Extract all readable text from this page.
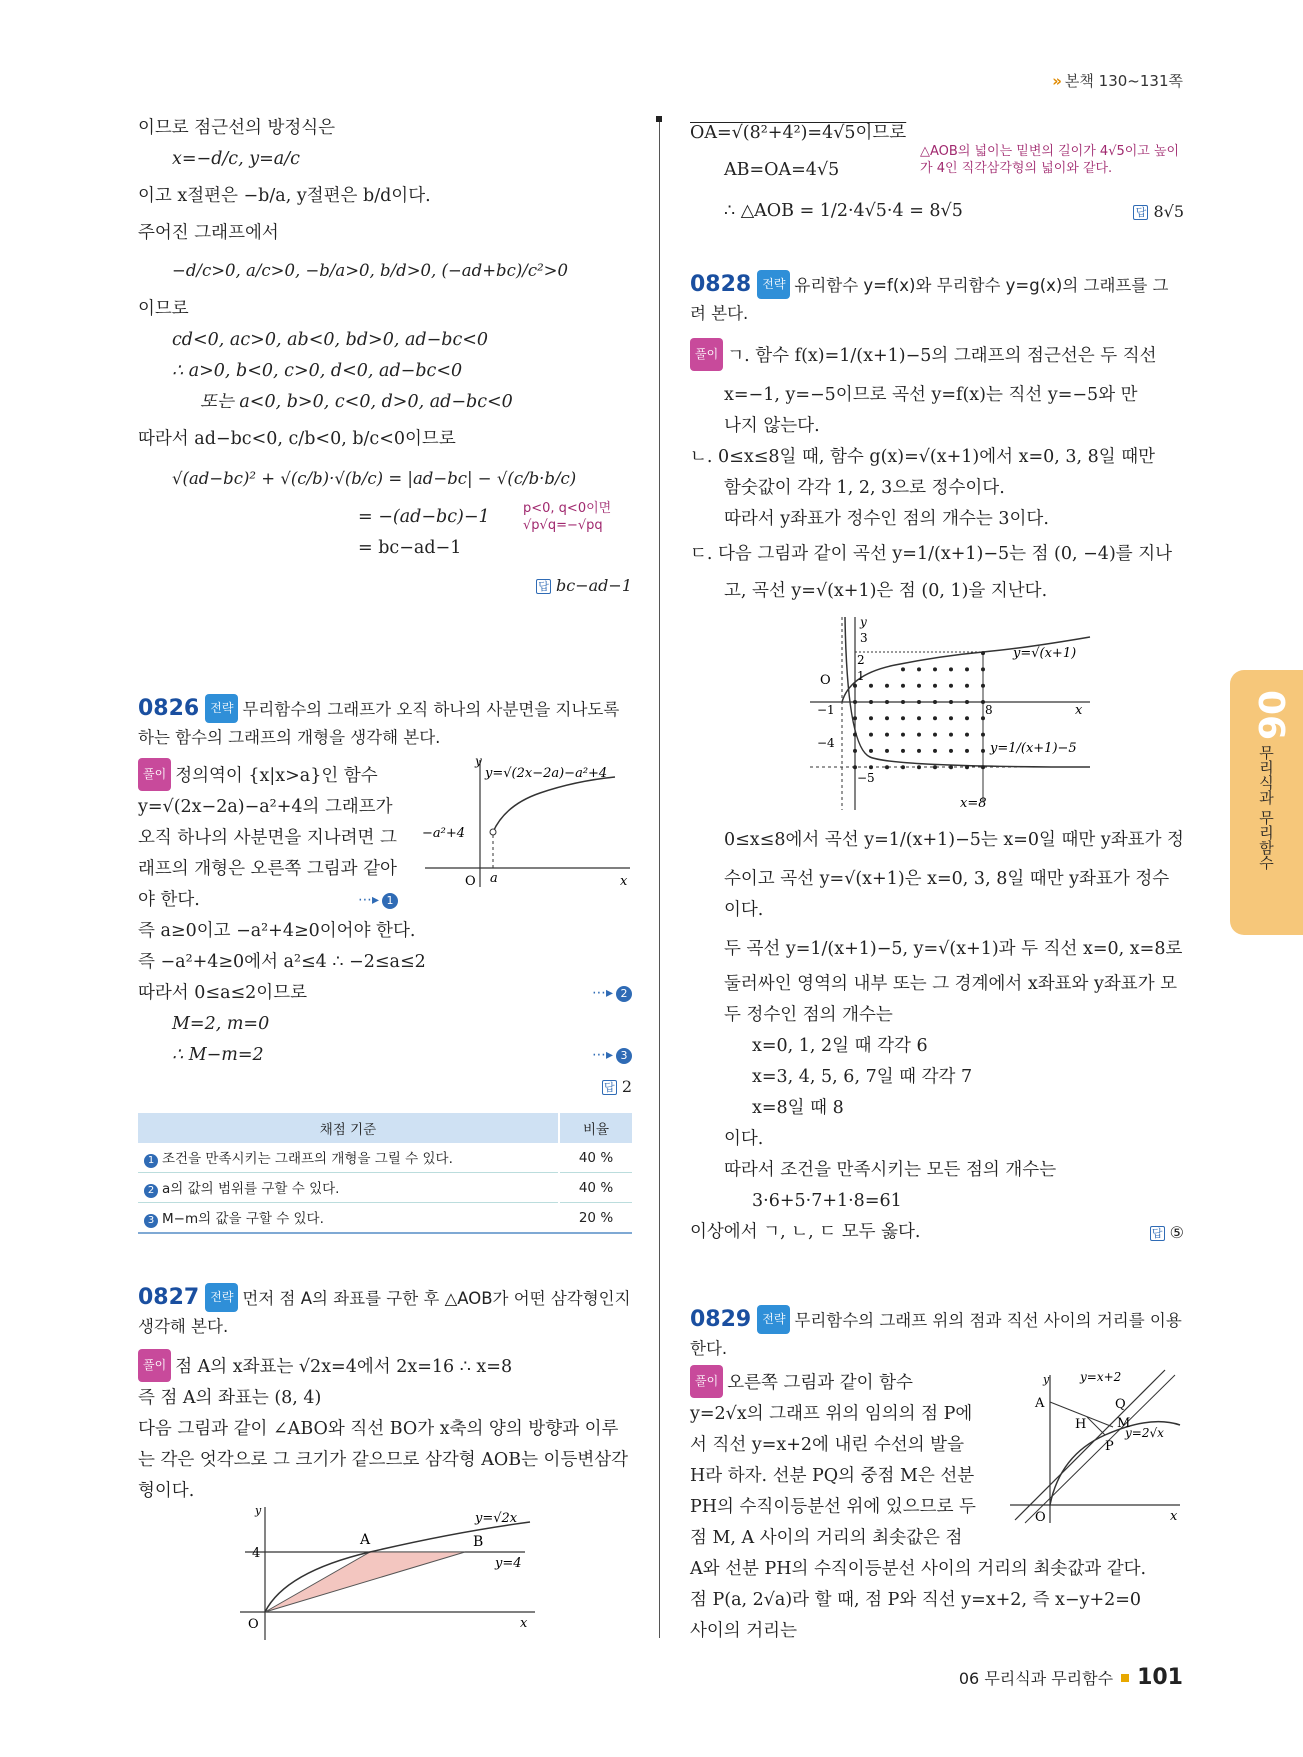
» 본책 130~131쪽
이므로 점근선의 방정식은
x=−d/c, y=a/c
이고 x절편은 −b/a, y절편은 b/d이다.
주어진 그래프에서
−d/c>0, a/c>0, −b/a>0, b/d>0, (−ad+bc)/c²>0
이므로
cd<0, ac>0, ab<0, bd>0, ad−bc<0
∴ a>0, b<0, c>0, d<0, ad−bc<0
또는 a<0, b>0, c<0, d>0, ad−bc<0
따라서 ad−bc<0, c/b<0, b/c<0이므로
√(ad−bc)² + √(c/b)·√(b/c) = |ad−bc| − √(c/b·b/c)
= −(ad−bc)−1	p<0, q<0이면 √p√q=−√pq
= bc−ad−1
답 bc−ad−1
0826 전략 무리함수의 그래프가 오직 하나의 사분면을 지나도록 하는 함수의 그래프의 개형을 생각해 본다.
풀이 정의역이 {x|x>a}인 함수
y=√(2x−2a)−a²+4의 그래프가
오직 하나의 사분면을 지나려면 그
래프의 개형은 오른쪽 그림과 같아
야 한다.	⋯▸ 1
즉 a≥0이고 −a²+4≥0이어야 한다.
즉 −a²+4≥0에서 a²≤4 ∴ −2≤a≤2
따라서 0≤a≤2이므로	⋯▸ 2
M=2, m=0
∴ M−m=2	⋯▸ 3
답 2
y
x
O a
−a²+4
y=√(2x−2a)−a²+4
채점 기준	비율
1 조건을 만족시키는 그래프의 개형을 그릴 수 있다.	40 %
2 a의 값의 범위를 구할 수 있다.	40 %
3 M−m의 값을 구할 수 있다.	20 %
0827 전략 먼저 점 A의 좌표를 구한 후 △AOB가 어떤 삼각형인지 생각해 본다.
풀이 점 A의 x좌표는 √2x=4에서 2x=16 ∴ x=8
즉 점 A의 좌표는 (8, 4)
다음 그림과 같이 ∠ABO와 직선 BO가 x축의 양의 방향과 이루는 각은 엇각으로 그 크기가 같으므로 삼각형 AOB는 이등변삼각형이다.
y
x
O
4
A	B
y=√2x
y=4
OA=√(8²+4²)=4√5이므로
AB=OA=4√5
△AOB의 넓이는 밑변의 길이가 4√5이고 높이가 4인 직각삼각형의 넓이와 같다.
∴ △AOB = 1/2·4√5·4 = 8√5	답 8√5
0828 전략 유리함수 y=f(x)와 무리함수 y=g(x)의 그래프를 그려 본다.
풀이 ㄱ. 함수 f(x)=1/(x+1)−5의 그래프의 점근선은 두 직선
x=−1, y=−5이므로 곡선 y=f(x)는 직선 y=−5와 만
나지 않는다.
ㄴ. 0≤x≤8일 때, 함수 g(x)=√(x+1)에서 x=0, 3, 8일 때만
함숫값이 각각 1, 2, 3으로 정수이다.
따라서 y좌표가 정수인 점의 개수는 3이다.
ㄷ. 다음 그림과 같이 곡선 y=1/(x+1)−5는 점 (0, −4)를 지나
고, 곡선 y=√(x+1)은 점 (0, 1)을 지난다.
y
x
O
3
2
1
−1
−4
−5
8
x=8
y=√(x+1)
y=1/(x+1)−5
0≤x≤8에서 곡선 y=1/(x+1)−5는 x=0일 때만 y좌표가 정
수이고 곡선 y=√(x+1)은 x=0, 3, 8일 때만 y좌표가 정수
이다.
두 곡선 y=1/(x+1)−5, y=√(x+1)과 두 직선 x=0, x=8로
둘러싸인 영역의 내부 또는 그 경계에서 x좌표와 y좌표가 모
두 정수인 점의 개수는
x=0, 1, 2일 때 각각 6
x=3, 4, 5, 6, 7일 때 각각 7
x=8일 때 8
이다.
따라서 조건을 만족시키는 모든 점의 개수는
3·6+5·7+1·8=61
이상에서 ㄱ, ㄴ, ㄷ 모두 옳다.	답 ⑤
0829 전략 무리함수의 그래프 위의 점과 직선 사이의 거리를 이용한다.
풀이 오른쪽 그림과 같이 함수
y=2√x의 그래프 위의 임의의 점 P에
서 직선 y=x+2에 내린 수선의 발을
H라 하자. 선분 PQ의 중점 M은 선분
PH의 수직이등분선 위에 있으므로 두
점 M, A 사이의 거리의 최솟값은 점
A와 선분 PH의 수직이등분선 사이의 거리의 최솟값과 같다.
점 P(a, 2√a)라 할 때, 점 P와 직선 y=x+2, 즉 x−y+2=0
사이의 거리는
y
x
O
A	Q
H M
P
y=x+2
y=2√x
06
무리식과 무리함수
06 무리식과 무리함수 101
